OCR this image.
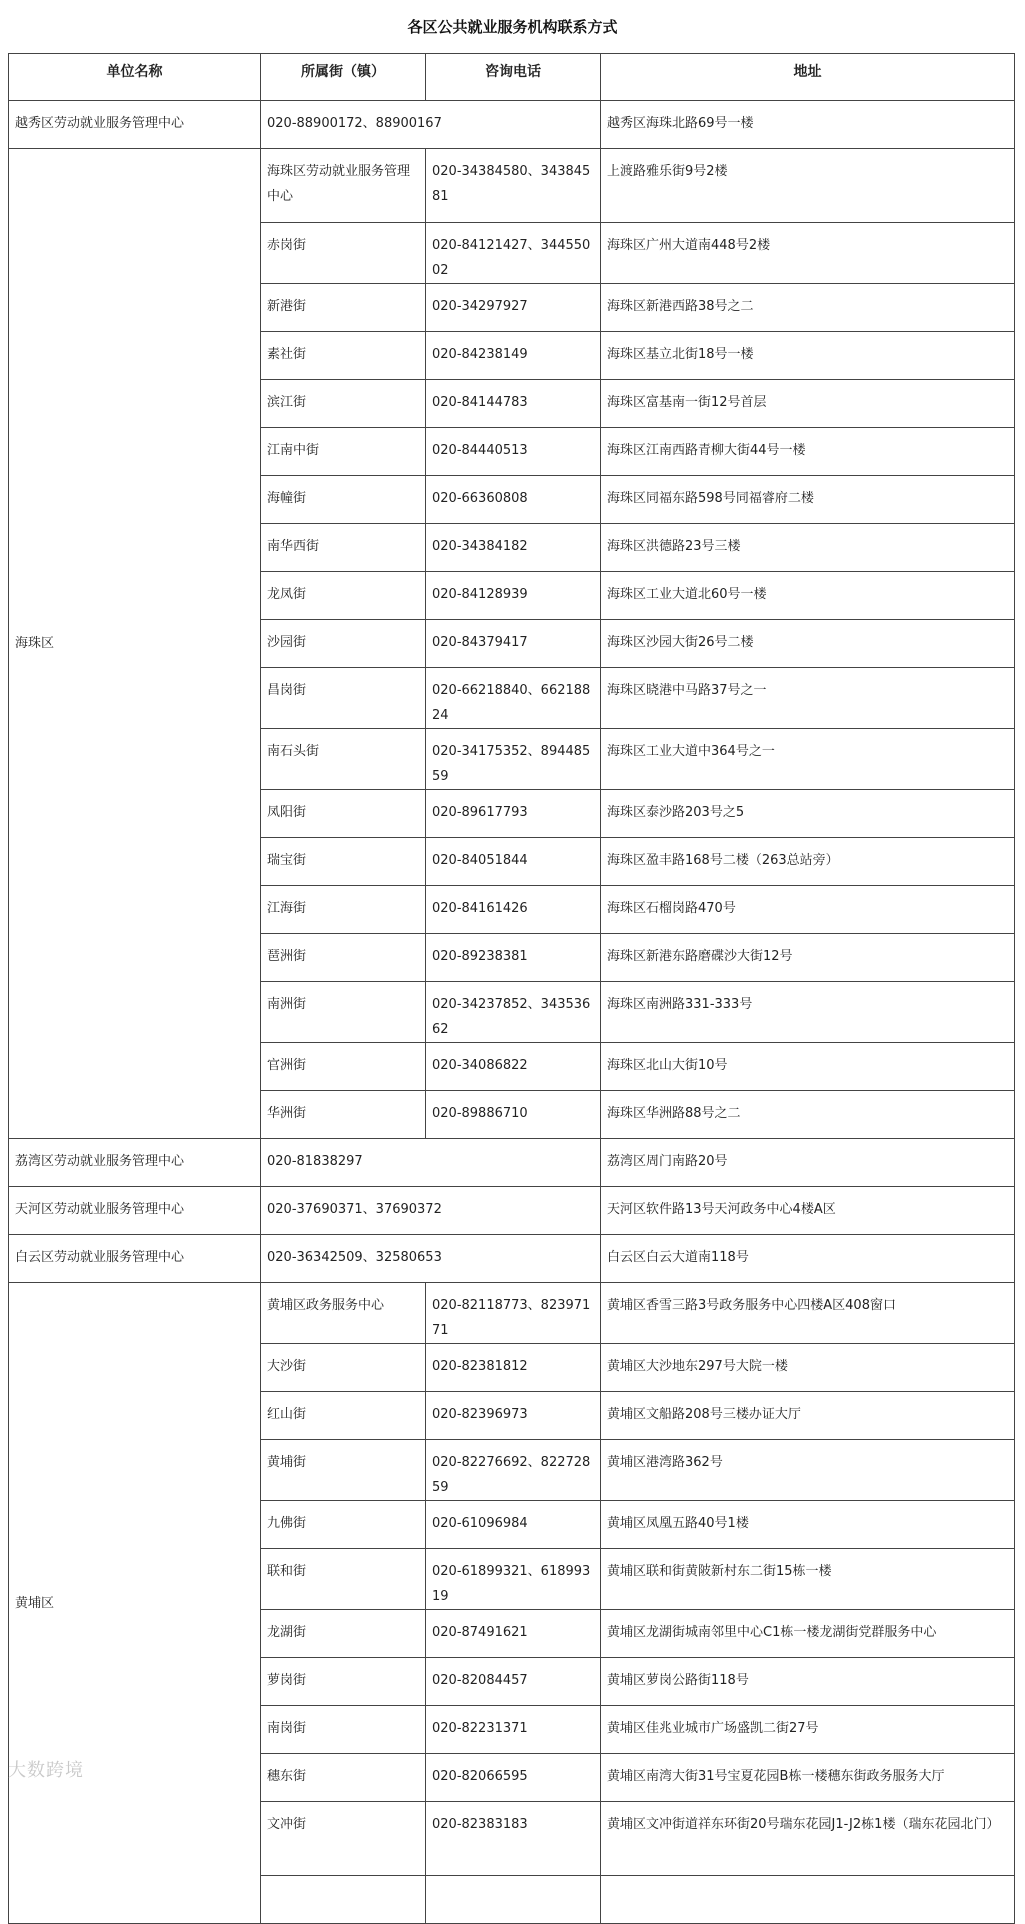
各区公共就业服务机构联系方式
单位名称	所属街（镇）	咨询电话	地址
越秀区劳动就业服务管理中心	020-88900172、88900167		越秀区海珠北路69号一楼
海珠区	海珠区劳动就业服务管理中心	020-34384580、34384581	上渡路雅乐街9号2楼
	赤岗街	020-84121427、34455002	海珠区广州大道南448号2楼
	新港街	020-34297927	海珠区新港西路38号之二
	素社街	020-84238149	海珠区基立北街18号一楼
	滨江街	020-84144783	海珠区富基南一街12号首层
	江南中街	020-84440513	海珠区江南西路青柳大街44号一楼
	海幢街	020-66360808	海珠区同福东路598号同福睿府二楼
	南华西街	020-34384182	海珠区洪德路23号三楼
	龙凤街	020-84128939	海珠区工业大道北60号一楼
	沙园街	020-84379417	海珠区沙园大街26号二楼
	昌岗街	020-66218840、66218824	海珠区晓港中马路37号之一
	南石头街	020-34175352、89448559	海珠区工业大道中364号之一
	凤阳街	020-89617793	海珠区泰沙路203号之5
	瑞宝街	020-84051844	海珠区盈丰路168号二楼（263总站旁）
	江海街	020-84161426	海珠区石榴岗路470号
	琶洲街	020-89238381	海珠区新港东路磨碟沙大街12号
	南洲街	020-34237852、34353662	海珠区南洲路331-333号
	官洲街	020-34086822	海珠区北山大街10号
	华洲街	020-89886710	海珠区华洲路88号之二
荔湾区劳动就业服务管理中心	020-81838297		荔湾区周门南路20号
天河区劳动就业服务管理中心	020-37690371、37690372		天河区软件路13号天河政务中心4楼A区
白云区劳动就业服务管理中心	020-36342509、32580653		白云区白云大道南118号
黄埔区	黄埔区政务服务中心	020-82118773、82397171	黄埔区香雪三路3号政务服务中心四楼A区408窗口
	大沙街	020-82381812	黄埔区大沙地东297号大院一楼
	红山街	020-82396973	黄埔区文船路208号三楼办证大厅
	黄埔街	020-82276692、82272859	黄埔区港湾路362号
	九佛街	020-61096984	黄埔区凤凰五路40号1楼
	联和街	020-61899321、61899319	黄埔区联和街黄陂新村东二街15栋一楼
	龙湖街	020-87491621	黄埔区龙湖街城南邻里中心C1栋一楼龙湖街党群服务中心
	萝岗街	020-82084457	黄埔区萝岗公路街118号
	南岗街	020-82231371	黄埔区佳兆业城市广场盛凯二街27号
	穗东街	020-82066595	黄埔区南湾大街31号宝夏花园B栋一楼穗东街政务服务大厅
	文冲街	020-82383183	黄埔区文冲街道祥东环街20号瑞东花园J1-J2栋1楼（瑞东花园北门）

大数跨境
